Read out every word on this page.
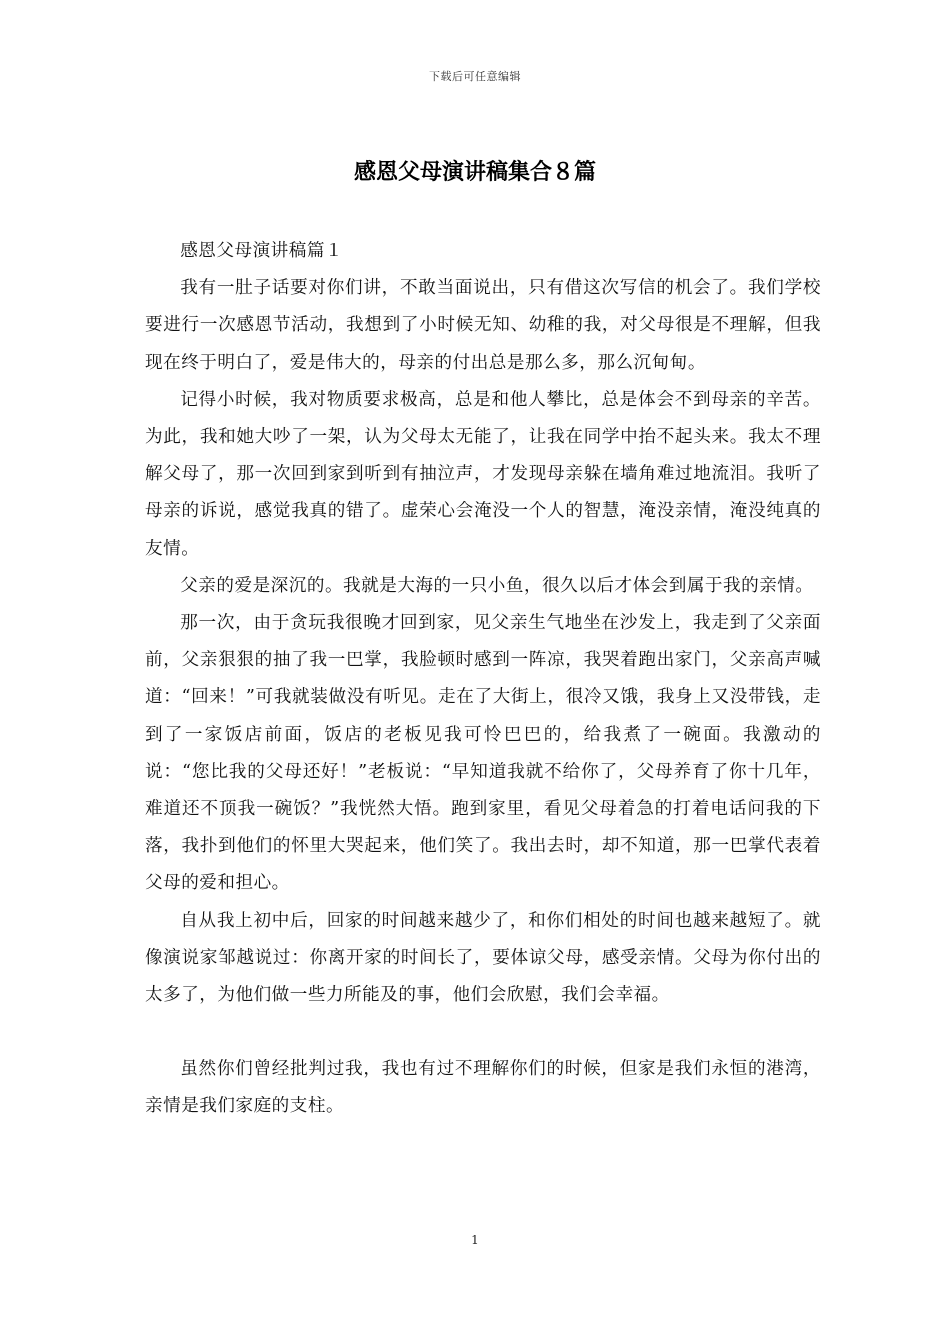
下载后可任意编辑
感恩父母演讲稿集合８篇

感恩父母演讲稿篇１

我有一肚子话要对你们讲，不敢当面说出，只有借这次写信的机会了。我们学校要进行一次感恩节活动，我想到了小时候无知、幼稚的我，对父母很是不理解，但我现在终于明白了，爱是伟大的，母亲的付出总是那么多，那么沉甸甸。

记得小时候，我对物质要求极高，总是和他人攀比，总是体会不到母亲的辛苦。为此，我和她大吵了一架，认为父母太无能了，让我在同学中抬不起头来。我太不理解父母了，那一次回到家到听到有抽泣声，才发现母亲躲在墙角难过地流泪。我听了母亲的诉说，感觉我真的错了。虚荣心会淹没一个人的智慧，淹没亲情，淹没纯真的友情。

父亲的爱是深沉的。我就是大海的一只小鱼，很久以后才体会到属于我的亲情。

那一次，由于贪玩我很晚才回到家，见父亲生气地坐在沙发上，我走到了父亲面前，父亲狠狠的抽了我一巴掌，我脸顿时感到一阵凉，我哭着跑出家门，父亲高声喊道：“回来！”可我就装做没有听见。走在了大街上，很冷又饿，我身上又没带钱，走到了一家饭店前面，饭店的老板见我可怜巴巴的，给我煮了一碗面。我激动的说：“您比我的父母还好！”老板说：“早知道我就不给你了，父母养育了你十几年，难道还不顶我一碗饭？”我恍然大悟。跑到家里，看见父母着急的打着电话问我的下落，我扑到他们的怀里大哭起来，他们笑了。我出去时，却不知道，那一巴掌代表着父母的爱和担心。

自从我上初中后，回家的时间越来越少了，和你们相处的时间也越来越短了。就像演说家邹越说过：你离开家的时间长了，要体谅父母，感受亲情。父母为你付出的太多了，为他们做一些力所能及的事，他们会欣慰，我们会幸福。

虽然你们曾经批判过我，我也有过不理解你们的时候，但家是我们永恒的港湾，亲情是我们家庭的支柱。

1
